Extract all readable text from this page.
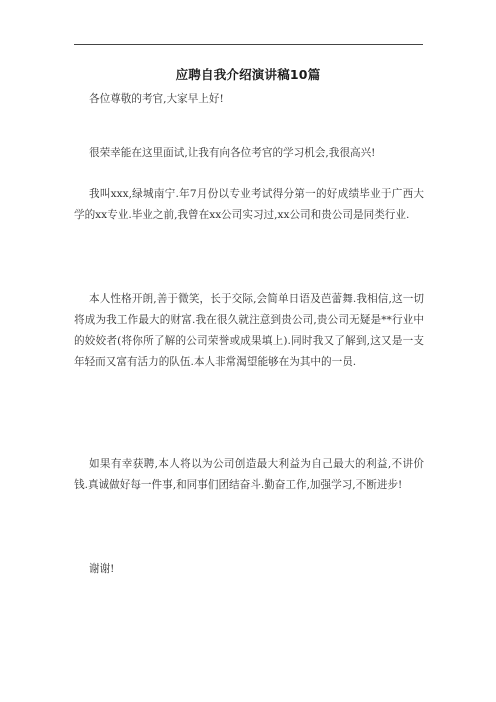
应聘自我介绍演讲稿10篇

各位尊敬的考官,大家早上好!

很荣幸能在这里面试,让我有向各位考官的学习机会,我很高兴!

我叫xxx,绿城南宁.年7月份以专业考试得分第一的好成绩毕业于广西大学的xx专业.毕业之前,我曾在xx公司实习过,xx公司和贵公司是同类行业.

本人性格开朗,善于微笑，长于交际,会简单日语及芭蕾舞.我相信,这一切将成为我工作最大的财富.我在很久就注意到贵公司,贵公司无疑是**行业中的姣姣者(将你所了解的公司荣誉或成果填上).同时我又了解到,这又是一支年轻而又富有活力的队伍.本人非常渴望能够在为其中的一员.

如果有幸获聘,本人将以为公司创造最大利益为自己最大的利益,不讲价钱.真诚做好每一件事,和同事们团结奋斗.勤奋工作,加强学习,不断进步!

谢谢!
